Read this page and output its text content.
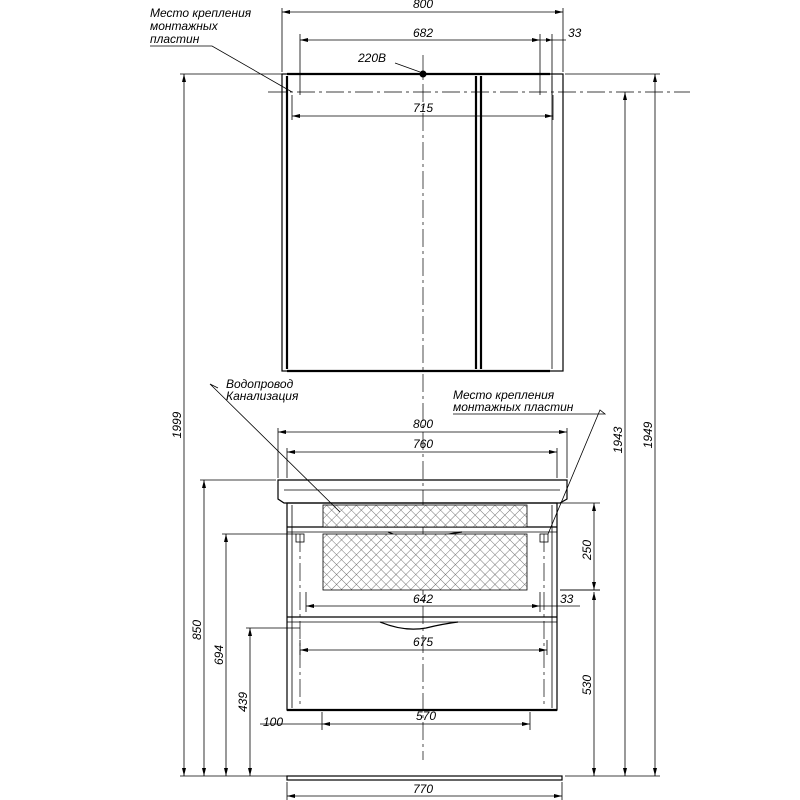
800
682	33
220В
715
Место крепления
монтажных
пластин
800
760
642	33
675
570
100
770
250
530
850
694
439
1999
1943 1949
Водопровод
Канализация	Место крепления
монтажных пластин
